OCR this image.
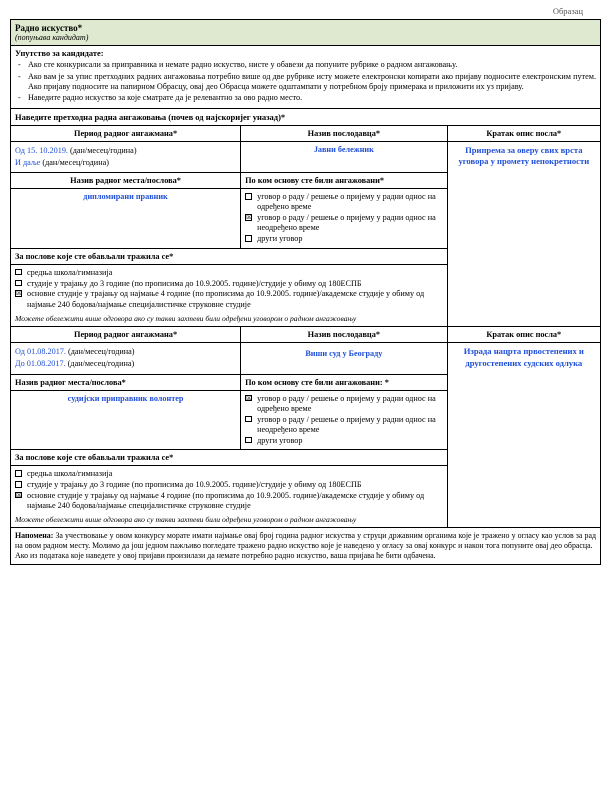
Образац
Радно искуство*
(попуњава кандидат)		

Упутство за кандидате:
- Ако сте конкурисали за приправника и немате радно искуство, нисте у обавези да попуните рубрике о радном ангажовању.
- Ако вам је за упис претходних радних ангажовања потребно више од две рубрике исту можете електронски копирати ако пријаву подносите електронским путем. Ако пријаву подносите на папирном Обрасцу, овај део Обрасца можете одштампати у потребном броју примерака и приложити их уз пријаву.
- Наведите радно искуство за које сматрате да је релевантно за ово радно место.

Наведите претходна радна ангажовања (почев од најскоријег уназад)*		
Период радног ангажмана*	Назив послодавца*	Кратак опис посла*

Од 15. 10.2019. (дан/месец/година)
И даље (дан/месец/година)	Јавни бележник	Припрема за оверу свих врста уговора у промету непокретности

Назив радног места/послова*	По ком основу сте били ангажовани*	

дипломирани правник	уговор о раду / решење о пријему у радни однос на одређено време
☒ уговор о раду / решење о пријему у радни однос на неодређено време
други уговор	

За послове које сте обављали тражила се*		

средња школа/гимназија
студије у трајању до 3 године (по прописима до 10.9.2005. године)/студије у обиму од 180ЕСПБ
☒ основне студије у трајању од најмање 4 године (по прописима до 10.9.2005. године)/академске студије у обиму од најмање 240 бодова/најмање специјалистичке струковне студије
Можете обележити више одговора ако су такви захтеви били одређени уговором о радном ангажовању		

Период радног ангажмана*	Назив послодавца*	Кратак опис посла*

Од 01.08.2017. (дан/месец/година)
До 01.08.2017. (дан/месец/година)	Виши суд у Београду	Израда нацрта првостепених и другостепених судских одлука

Назив радног места/послова*	По ком основу сте били ангажовани: *	

судијски приправник волонтер	☒ уговор о раду / решење о пријему у радни однос на одређено време
уговор о раду / решење о пријему у радни однос на неодређено време
други уговор	

За послове које сте обављали тражила се*		

средња школа/гимназија
студије у трајању до 3 године (по прописима до 10.9.2005. године)/студије у обиму од 180ЕСПБ
☒ основне студије у трајању од најмање 4 године (по прописима до 10.9.2005. године)/академске студије у обиму од најмање 240 бодова/најмање специјалистичке струковне студије
Можете обележити више одговора ако су такви захтеви били одређени уговором о радном ангажовању		

Напомена: За учествовање у овом конкурсу морате имати најмање овај број година радног искуства у струци државним органима које је тражено у огласу као услов за рад на овом радном месту. Молимо да још једном пажљиво погледате тражено радно искуство које је наведено у огласу за овај конкурс и након тога попуните овај део обрасца.
Ако из података које наведете у овој пријави произилази да немате потребно радно искуство, ваша пријава ће бити одбачена.		
